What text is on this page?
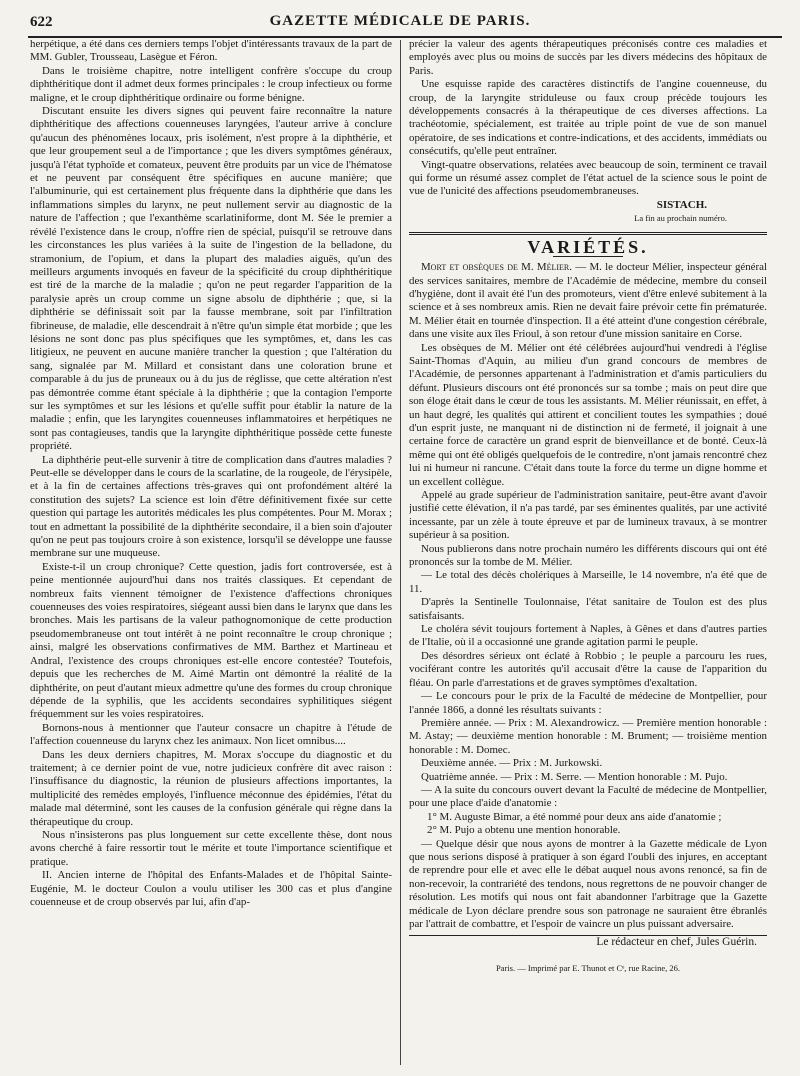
622	GAZETTE MÉDICALE DE PARIS.

herpétique, a été dans ces derniers temps l'objet d'intéressants travaux de la part de MM. Gubler, Trousseau, Lasègue et Féron.

Dans le troisième chapitre, notre intelligent confrère s'occupe du croup diphthéritique dont il admet deux formes principales : le croup infectieux ou forme maligne, et le croup diphthéritique ordinaire ou forme bénigne.

Discutant ensuite les divers signes qui peuvent faire reconnaître la nature diphthéritique des affections couenneuses laryngées, l'auteur arrive à conclure qu'aucun des phénomènes locaux, pris isolément, n'est propre à la diphthérie, et que leur groupement seul a de l'importance ; que les divers symptômes généraux, jusqu'à l'état typhoïde et comateux, peuvent être produits par un vice de l'hématose et ne peuvent par conséquent être spécifiques en aucune manière; que l'albuminurie, qui est certainement plus fréquente dans la diphthérie que dans les inflammations simples du larynx, ne peut nullement servir au diagnostic de la nature de l'affection ; que l'exanthème scarlatiniforme, dont M. Sée le premier a révélé l'existence dans le croup, n'offre rien de spécial, puisqu'il se retrouve dans les circonstances les plus variées à la suite de l'ingestion de la belladone, du stramonium, de l'opium, et dans la plupart des maladies aiguës, qu'un des meilleurs arguments invoqués en faveur de la spécificité du croup diphthéritique est tiré de la marche de la maladie ; qu'on ne peut regarder l'apparition de la paralysie après un croup comme un signe absolu de diphthérie ; que, si la diphthérie se définissait soit par la fausse membrane, soit par l'infiltration fibrineuse, de maladie, elle descendrait à n'être qu'un simple état morbide ; que les lésions ne sont donc pas plus spécifiques que les symptômes, et, dans les cas litigieux, ne peuvent en aucune manière trancher la question ; que l'altération du sang, signalée par M. Millard et consistant dans une coloration brune et comparable à du jus de pruneaux ou à du jus de réglisse, que cette altération n'est pas démontrée comme étant spéciale à la diphthérie ; que la contagion l'emporte sur les symptômes et sur les lésions et qu'elle suffit pour établir la nature de la maladie ; enfin, que les laryngites couenneuses inflammatoires et herpétiques ne sont pas contagieuses, tandis que la laryngite diphthéritique possède cette funeste propriété.

La diphthérie peut-elle survenir à titre de complication dans d'autres maladies ? Peut-elle se développer dans le cours de la scarlatine, de la rougeole, de l'érysipèle, et à la fin de certaines affections très-graves qui ont profondément altéré la constitution des sujets? La science est loin d'être définitivement fixée sur cette question qui partage les autorités médicales les plus compétentes. Pour M. Morax ; tout en admettant la possibilité de la diphthérite secondaire, il a bien soin d'ajouter qu'on ne peut pas toujours croire à son existence, lorsqu'il se développe une fausse membrane sur une muqueuse.

Existe-t-il un croup chronique? Cette question, jadis fort controversée, est à peine mentionnée aujourd'hui dans nos traités classiques. Et cependant de nombreux faits viennent témoigner de l'existence d'affections chroniques couenneuses des voies respiratoires, siégeant aussi bien dans le larynx que dans les bronches. Mais les partisans de la valeur pathognomonique de cette production pseudomembraneuse ont tout intérêt à ne point reconnaître le croup chronique ; ainsi, malgré les observations confirmatives de MM. Barthez et Martineau et Andral, l'existence des croups chroniques est-elle encore contestée? Toutefois, depuis que les recherches de M. Aimé Martin ont démontré la réalité de la diphthérite, on peut d'autant mieux admettre qu'une des formes du croup chronique dépende de la syphilis, que les accidents secondaires syphilitiques siégent fréquemment sur les voies respiratoires.

Bornons-nous à mentionner que l'auteur consacre un chapitre à l'étude de l'affection couenneuse du larynx chez les animaux. Non licet omnibus....

Dans les deux derniers chapitres, M. Morax s'occupe du diagnostic et du traitement; à ce dernier point de vue, notre judicieux confrère dit avec raison : l'insuffisance du diagnostic, la réunion de plusieurs affections importantes, la multiplicité des remèdes employés, l'influence méconnue des épidémies, l'état du malade mal déterminé, sont les causes de la confusion générale qui règne dans la thérapeutique du croup.

Nous n'insisterons pas plus longuement sur cette excellente thèse, dont nous avons cherché à faire ressortir tout le mérite et toute l'importance scientifique et pratique.

II. Ancien interne de l'hôpital des Enfants-Malades et de l'hôpital Sainte-Eugénie, M. le docteur Coulon a voulu utiliser les 300 cas et plus d'angine couenneuse et de croup observés par lui, afin d'ap-

précier la valeur des agents thérapeutiques préconisés contre ces maladies et employés avec plus ou moins de succès par les divers médecins des hôpitaux de Paris.

Une esquisse rapide des caractères distinctifs de l'angine couenneuse, du croup, de la laryngite striduleuse ou faux croup précède toujours les développements consacrés à la thérapeutique de ces diverses affections. La trachéotomie, spécialement, est traitée au triple point de vue de son manuel opératoire, de ses indications et contre-indications, et des accidents, immédiats ou consécutifs, qu'elle peut entraîner.

Vingt-quatre observations, relatées avec beaucoup de soin, terminent ce travail qui forme un résumé assez complet de l'état actuel de la science sous le point de vue de l'unicité des affections pseudomembraneuses.

SISTACH.

La fin au prochain numéro.

VARIÉTÉS.

Mort et obsèques de M. Mélier. — M. le docteur Mélier, inspecteur général des services sanitaires, membre de l'Académie de médecine, membre du conseil d'hygiène, dont il avait été l'un des promoteurs, vient d'être enlevé subitement à la science et à ses nombreux amis. Rien ne devait faire prévoir cette fin prématurée. M. Mélier était en tournée d'inspection. Il a été atteint d'une congestion cérébrale, dans une visite aux îles Frioul, à son retour d'une mission sanitaire en Corse.

Les obsèques de M. Mélier ont été célébrées aujourd'hui vendredi à l'église Saint-Thomas d'Aquin, au milieu d'un grand concours de membres de l'Académie, de personnes appartenant à l'administration et d'amis particuliers du défunt. Plusieurs discours ont été prononcés sur sa tombe ; mais on peut dire que son éloge était dans le cœur de tous les assistants. M. Mélier réunissait, en effet, à un haut degré, les qualités qui attirent et concilient toutes les sympathies ; doué d'un esprit juste, ne manquant ni de distinction ni de fermeté, il joignait à une certaine force de caractère un grand esprit de bienveillance et de bonté. Ceux-là même qui ont été obligés quelquefois de le contredire, n'ont jamais rencontré chez lui ni humeur ni rancune. C'était dans toute la force du terme un digne homme et un excellent collègue.

Appelé au grade supérieur de l'administration sanitaire, peut-être avant d'avoir justifié cette élévation, il n'a pas tardé, par ses éminentes qualités, par une activité incessante, par un zèle à toute épreuve et par de lumineux travaux, à se montrer supérieur à sa position.

Nous publierons dans notre prochain numéro les différents discours qui ont été prononcés sur la tombe de M. Mélier.

— Le total des décès cholériques à Marseille, le 14 novembre, n'a été que de 11.

D'après la Sentinelle Toulonnaise, l'état sanitaire de Toulon est des plus satisfaisants.

Le choléra sévit toujours fortement à Naples, à Gênes et dans d'autres parties de l'Italie, où il a occasionné une grande agitation parmi le peuple.

Des désordres sérieux ont éclaté à Robbio ; le peuple a parcouru les rues, vociférant contre les autorités qu'il accusait d'être la cause de l'apparition du fléau. On parle d'arrestations et de graves symptômes d'exaltation.

— Le concours pour le prix de la Faculté de médecine de Montpellier, pour l'année 1866, a donné les résultats suivants :

Première année. — Prix : M. Alexandrowicz. — Première mention honorable : M. Astay; — deuxième mention honorable : M. Brument; — troisième mention honorable : M. Domec.

Deuxième année. — Prix : M. Jurkowski.

Quatrième année. — Prix : M. Serre. — Mention honorable : M. Pujo.

— A la suite du concours ouvert devant la Faculté de médecine de Montpellier, pour une place d'aide d'anatomie :

1° M. Auguste Bimar, a été nommé pour deux ans aide d'anatomie ;

2° M. Pujo a obtenu une mention honorable.

— Quelque désir que nous ayons de montrer à la Gazette médicale de Lyon que nous serions disposé à pratiquer à son égard l'oubli des injures, en acceptant de reprendre pour elle et avec elle le débat auquel nous avons renoncé, sa fin de non-recevoir, la contrariété des tendons, nous regrettons de ne pouvoir changer de résolution. Les motifs qui nous ont fait abandonner l'arbitrage que la Gazette médicale de Lyon déclare prendre sous son patronage ne sauraient être ébranlés par l'attrait de combattre, et l'espoir de vaincre un plus puissant adversaire.

Le rédacteur en chef, Jules Guérin.

Paris. — Imprimé par E. Thunot et Cᵉ, rue Racine, 26.
